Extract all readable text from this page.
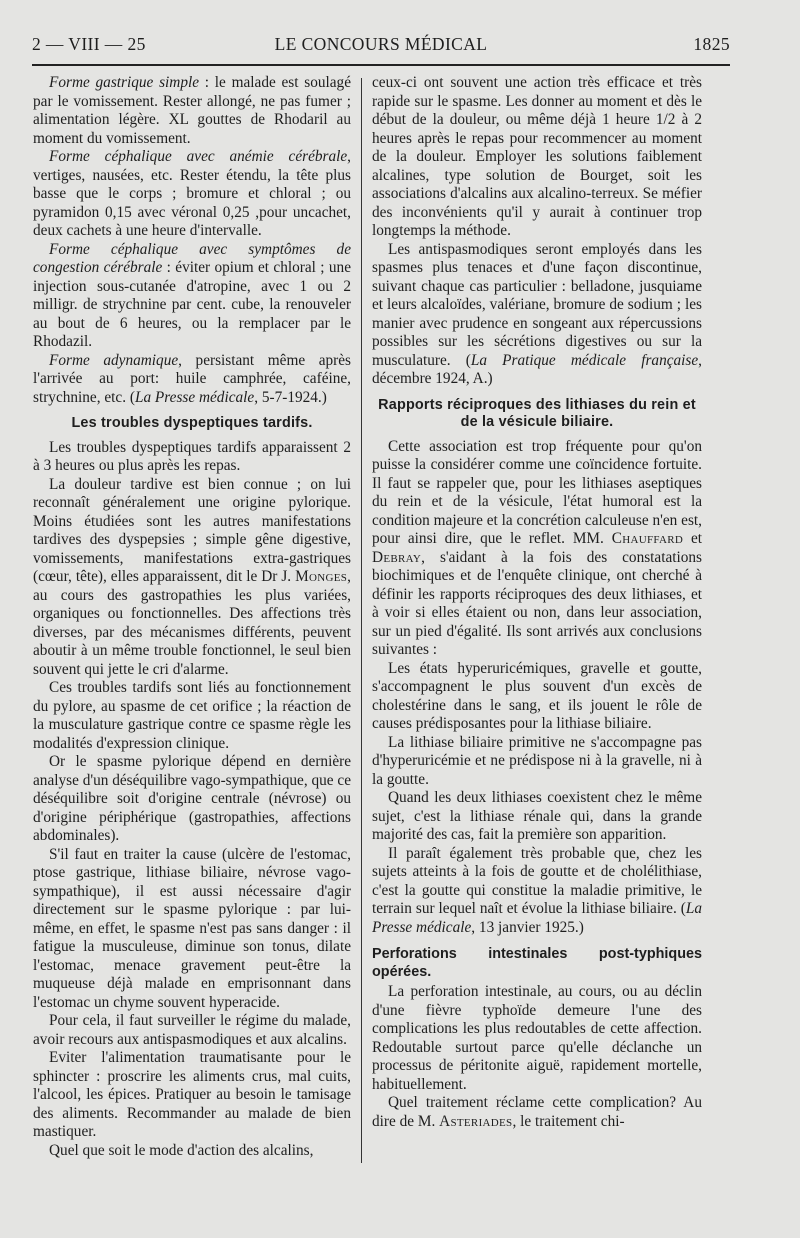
2 — VIII — 25	LE CONCOURS MÉDICAL	1825

Forme gastrique simple : le malade est soulagé par le vomissement. Rester allongé, ne pas fumer ; alimentation légère. XL gouttes de Rhodaril au moment du vomissement.

Forme céphalique avec anémie cérébrale, vertiges, nausées, etc. Rester étendu, la tête plus basse que le corps ; bromure et chloral ; ou pyramidon 0,15 avec véronal 0,25 ,pour uncachet, deux cachets à une heure d'intervalle.

Forme céphalique avec symptômes de congestion cérébrale : éviter opium et chloral ; une injection sous-cutanée d'atropine, avec 1 ou 2 milligr. de strychnine par cent. cube, la renouveler au bout de 6 heures, ou la remplacer par le Rhodazil.

Forme adynamique, persistant même après l'arrivée au port: huile camphrée, caféine, strychnine, etc. (La Presse médicale, 5-7-1924.)

Les troubles dyspeptiques tardifs.

Les troubles dyspeptiques tardifs apparaissent 2 à 3 heures ou plus après les repas.

La douleur tardive est bien connue ; on lui reconnaît généralement une origine pylorique. Moins étudiées sont les autres manifestations tardives des dyspepsies ; simple gêne digestive, vomissements, manifestations extra-gastriques (cœur, tête), elles apparaissent, dit le Dr J. Monges, au cours des gastropathies les plus variées, organiques ou fonctionnelles. Des affections très diverses, par des mécanismes différents, peuvent aboutir à un même trouble fonctionnel, le seul bien souvent qui jette le cri d'alarme.

Ces troubles tardifs sont liés au fonctionnement du pylore, au spasme de cet orifice ; la réaction de la musculature gastrique contre ce spasme règle les modalités d'expression clinique.

Or le spasme pylorique dépend en dernière analyse d'un déséquilibre vago-sympathique, que ce déséquilibre soit d'origine centrale (névrose) ou d'origine périphérique (gastropathies, affections abdominales).

S'il faut en traiter la cause (ulcère de l'estomac, ptose gastrique, lithiase biliaire, névrose vago-sympathique), il est aussi nécessaire d'agir directement sur le spasme pylorique : par lui-même, en effet, le spasme n'est pas sans danger : il fatigue la musculeuse, diminue son tonus, dilate l'estomac, menace gravement peut-être la muqueuse déjà malade en emprisonnant dans l'estomac un chyme souvent hyperacide.

Pour cela, il faut surveiller le régime du malade, avoir recours aux antispasmodiques et aux alcalins.

Eviter l'alimentation traumatisante pour le sphincter : proscrire les aliments crus, mal cuits, l'alcool, les épices. Pratiquer au besoin le tamisage des aliments. Recommander au malade de bien mastiquer.

Quel que soit le mode d'action des alcalins,

ceux-ci ont souvent une action très efficace et très rapide sur le spasme. Les donner au moment et dès le début de la douleur, ou même déjà 1 heure 1/2 à 2 heures après le repas pour recommencer au moment de la douleur. Employer les solutions faiblement alcalines, type solution de Bourget, soit les associations d'alcalins aux alcalino-terreux. Se méfier des inconvénients qu'il y aurait à continuer trop longtemps la méthode.

Les antispasmodiques seront employés dans les spasmes plus tenaces et d'une façon discontinue, suivant chaque cas particulier : belladone, jusquiame et leurs alcaloïdes, valériane, bromure de sodium ; les manier avec prudence en songeant aux répercussions possibles sur les sécrétions digestives ou sur la musculature. (La Pratique médicale française, décembre 1924, A.)

Rapports réciproques des lithiases du rein et de la vésicule biliaire.

Cette association est trop fréquente pour qu'on puisse la considérer comme une coïncidence fortuite. Il faut se rappeler que, pour les lithiases aseptiques du rein et de la vésicule, l'état humoral est la condition majeure et la concrétion calculeuse n'en est, pour ainsi dire, que le reflet. MM. Chauffard et Debray, s'aidant à la fois des constatations biochimiques et de l'enquête clinique, ont cherché à définir les rapports réciproques des deux lithiases, et à voir si elles étaient ou non, dans leur association, sur un pied d'égalité. Ils sont arrivés aux conclusions suivantes :

Les états hyperuricémiques, gravelle et goutte, s'accompagnent le plus souvent d'un excès de cholestérine dans le sang, et ils jouent le rôle de causes prédisposantes pour la lithiase biliaire.

La lithiase biliaire primitive ne s'accompagne pas d'hyperuricémie et ne prédispose ni à la gravelle, ni à la goutte.

Quand les deux lithiases coexistent chez le même sujet, c'est la lithiase rénale qui, dans la grande majorité des cas, fait la première son apparition.

Il paraît également très probable que, chez les sujets atteints à la fois de goutte et de cholélithiase, c'est la goutte qui constitue la maladie primitive, le terrain sur lequel naît et évolue la lithiase biliaire. (La Presse médicale, 13 janvier 1925.)

Perforations intestinales post-typhiques opérées.

La perforation intestinale, au cours, ou au déclin d'une fièvre typhoïde demeure l'une des complications les plus redoutables de cette affection. Redoutable surtout parce qu'elle déclanche un processus de péritonite aiguë, rapidement mortelle, habituellement.

Quel traitement réclame cette complication? Au dire de M. Asteriades, le traitement chi-
